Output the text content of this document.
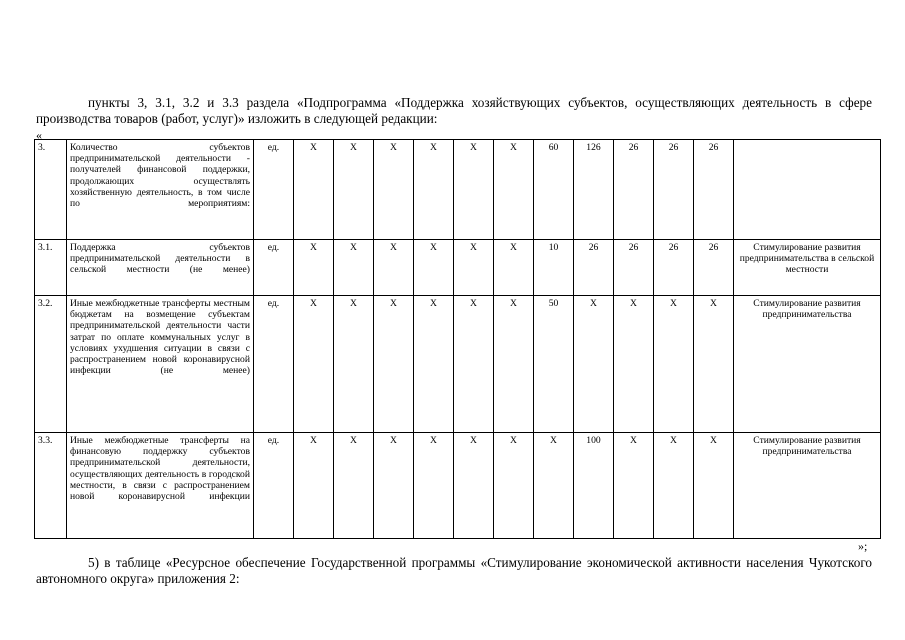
пункты 3, 3.1, 3.2 и 3.3 раздела «Подпрограмма «Поддержка хозяйствующих субъектов, осуществляющих деятельность в сфере производства товаров (работ, услуг)» изложить в следующей редакции:
«
3.	Количество субъектов предпринимательской деятельности - получателей финансовой поддержки, продолжающих осуществлять хозяйственную деятельность, в том числе по мероприятиям:	ед.	Х	Х	Х	Х	Х	Х	60	126	26	26	26	
3.1.	Поддержка субъектов предпринимательской деятельности в сельской местности (не менее)	ед.	Х	Х	Х	Х	Х	Х	10	26	26	26	26	Стимулирование развития предпринимательства в сельской местности
3.2.	Иные межбюджетные трансферты местным бюджетам на возмещение субъектам предпринимательской деятельности части затрат по оплате коммунальных услуг в условиях ухудшения ситуации в связи с распространением новой коронавирусной инфекции (не менее)	ед.	Х	Х	Х	Х	Х	Х	50	Х	Х	Х	Х	Стимулирование развития предпринимательства
3.3.	Иные межбюджетные трансферты на финансовую поддержку субъектов предпринимательской деятельности, осуществляющих деятельность в городской местности, в связи с распространением новой коронавирусной инфекции	ед.	Х	Х	Х	Х	Х	Х	Х	100	Х	Х	Х	Стимулирование развития предпринимательства
»;
5) в таблице «Ресурсное обеспечение Государственной программы «Стимулирование экономической активности населения Чукотского автономного округа» приложения 2:
